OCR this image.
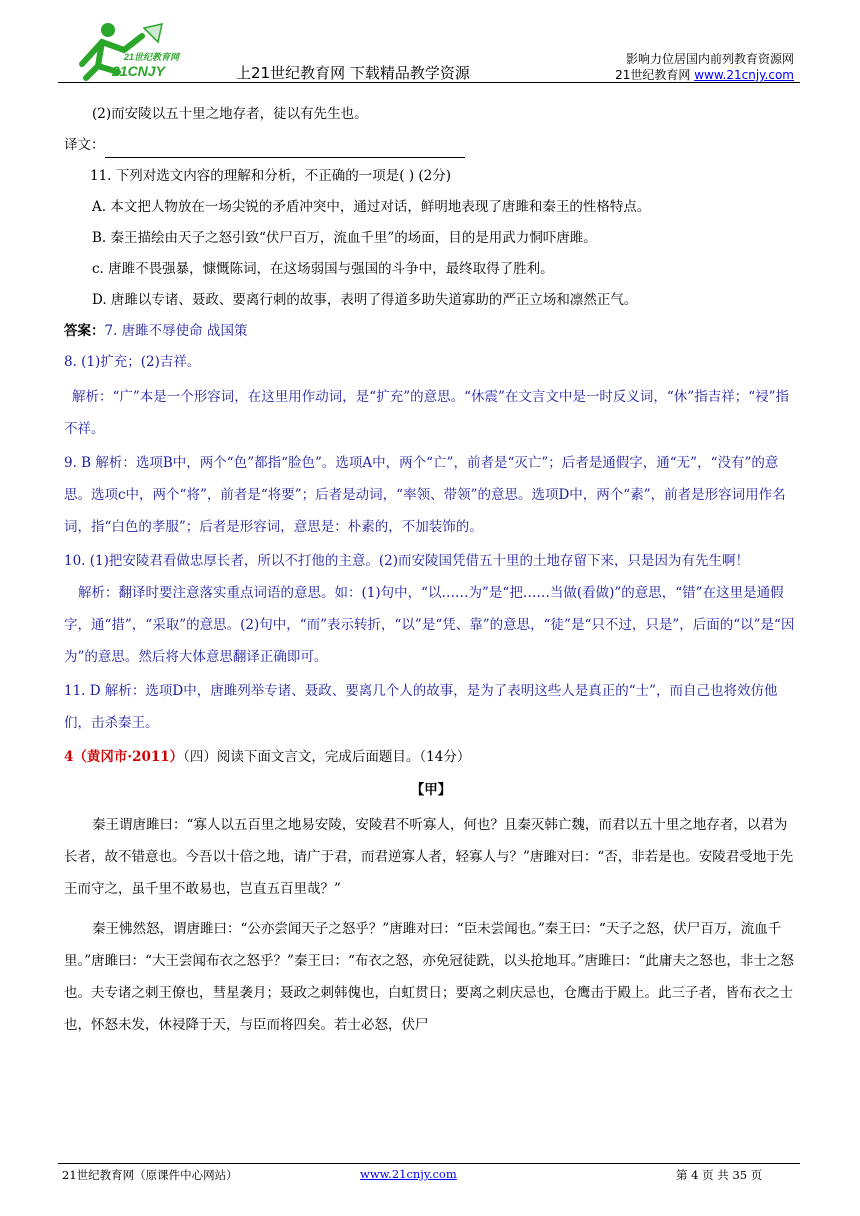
21世纪教育网
21CNJY	上21世纪教育网 下载精品教学资源
影响力位居国内前列教育资源网
21世纪教育网 www.21cnjy.com

(2)而安陵以五十里之地存者，徒以有先生也。

译文：

11. 下列对选文内容的理解和分析，不正确的一项是( ) (2分)

A. 本文把人物放在一场尖锐的矛盾冲突中，通过对话，鲜明地表现了唐雎和秦王的性格特点。

B. 秦王描绘由天子之怒引致“伏尸百万，流血千里”的场面，目的是用武力恫吓唐雎。

c. 唐雎不畏强暴，慷慨陈词，在这场弱国与强国的斗争中，最终取得了胜利。

D. 唐雎以专诸、聂政、要离行刺的故事，表明了得道多助失道寡助的严正立场和凛然正气。

答案：7. 唐雎不辱使命 战国策

8. (1)扩充；(2)吉祥。

解析：“广”本是一个形容词，在这里用作动词，是“扩充”的意思。“休震”在文言文中是一时反义词，“休”指吉祥；“祲”指不祥。

9. B 解析：选项B中，两个“色”都指“脸色”。选项A中，两个“亡”，前者是“灭亡”；后者是通假字，通“无”，“没有”的意思。选项c中，两个“将”，前者是“将要”；后者是动词，“率领、带领”的意思。选项D中，两个“素”，前者是形容词用作名词，指“白色的孝服”；后者是形容词，意思是：朴素的，不加装饰的。

10. (1)把安陵君看做忠厚长者，所以不打他的主意。(2)而安陵国凭借五十里的土地存留下来，只是因为有先生啊！

解析：翻译时要注意落实重点词语的意思。如：(1)句中，“以……为”是“把……当做(看做)”的意思，“错”在这里是通假字，通“措”，“采取”的意思。(2)句中，“而”表示转折，“以”是“凭、靠”的意思，“徒”是“只不过，只是”，后面的“以”是“因为”的意思。然后将大体意思翻译正确即可。

11. D 解析：选项D中，唐雎列举专诸、聂政、要离几个人的故事，是为了表明这些人是真正的“士”，而自己也将效仿他们，击杀秦王。

4（黄冈市·2011）（四）阅读下面文言文，完成后面题目。（14分）

【甲】

秦王谓唐雎曰：“寡人以五百里之地易安陵，安陵君不听寡人，何也？且秦灭韩亡魏，而君以五十里之地存者，以君为长者，故不错意也。今吾以十倍之地，请广于君，而君逆寡人者，轻寡人与？”唐雎对曰：“否，非若是也。安陵君受地于先王而守之，虽千里不敢易也，岂直五百里哉？”

秦王怫然怒，谓唐雎曰：“公亦尝闻天子之怒乎？”唐雎对曰：“臣未尝闻也。”秦王曰：“天子之怒，伏尸百万，流血千里。”唐雎曰：“大王尝闻布衣之怒乎？”秦王曰：“布衣之怒，亦免冠徒跣，以头抢地耳。”唐雎曰：“此庸夫之怒也，非士之怒也。夫专诸之刺王僚也，彗星袭月；聂政之刺韩傀也，白虹贯日；要离之刺庆忌也，仓鹰击于殿上。此三子者，皆布衣之士也，怀怒未发，休祲降于天，与臣而将四矣。若士必怒，伏尸

21世纪教育网（原课件中心网站）	www.21cnjy.com	第 4 页 共 35 页
